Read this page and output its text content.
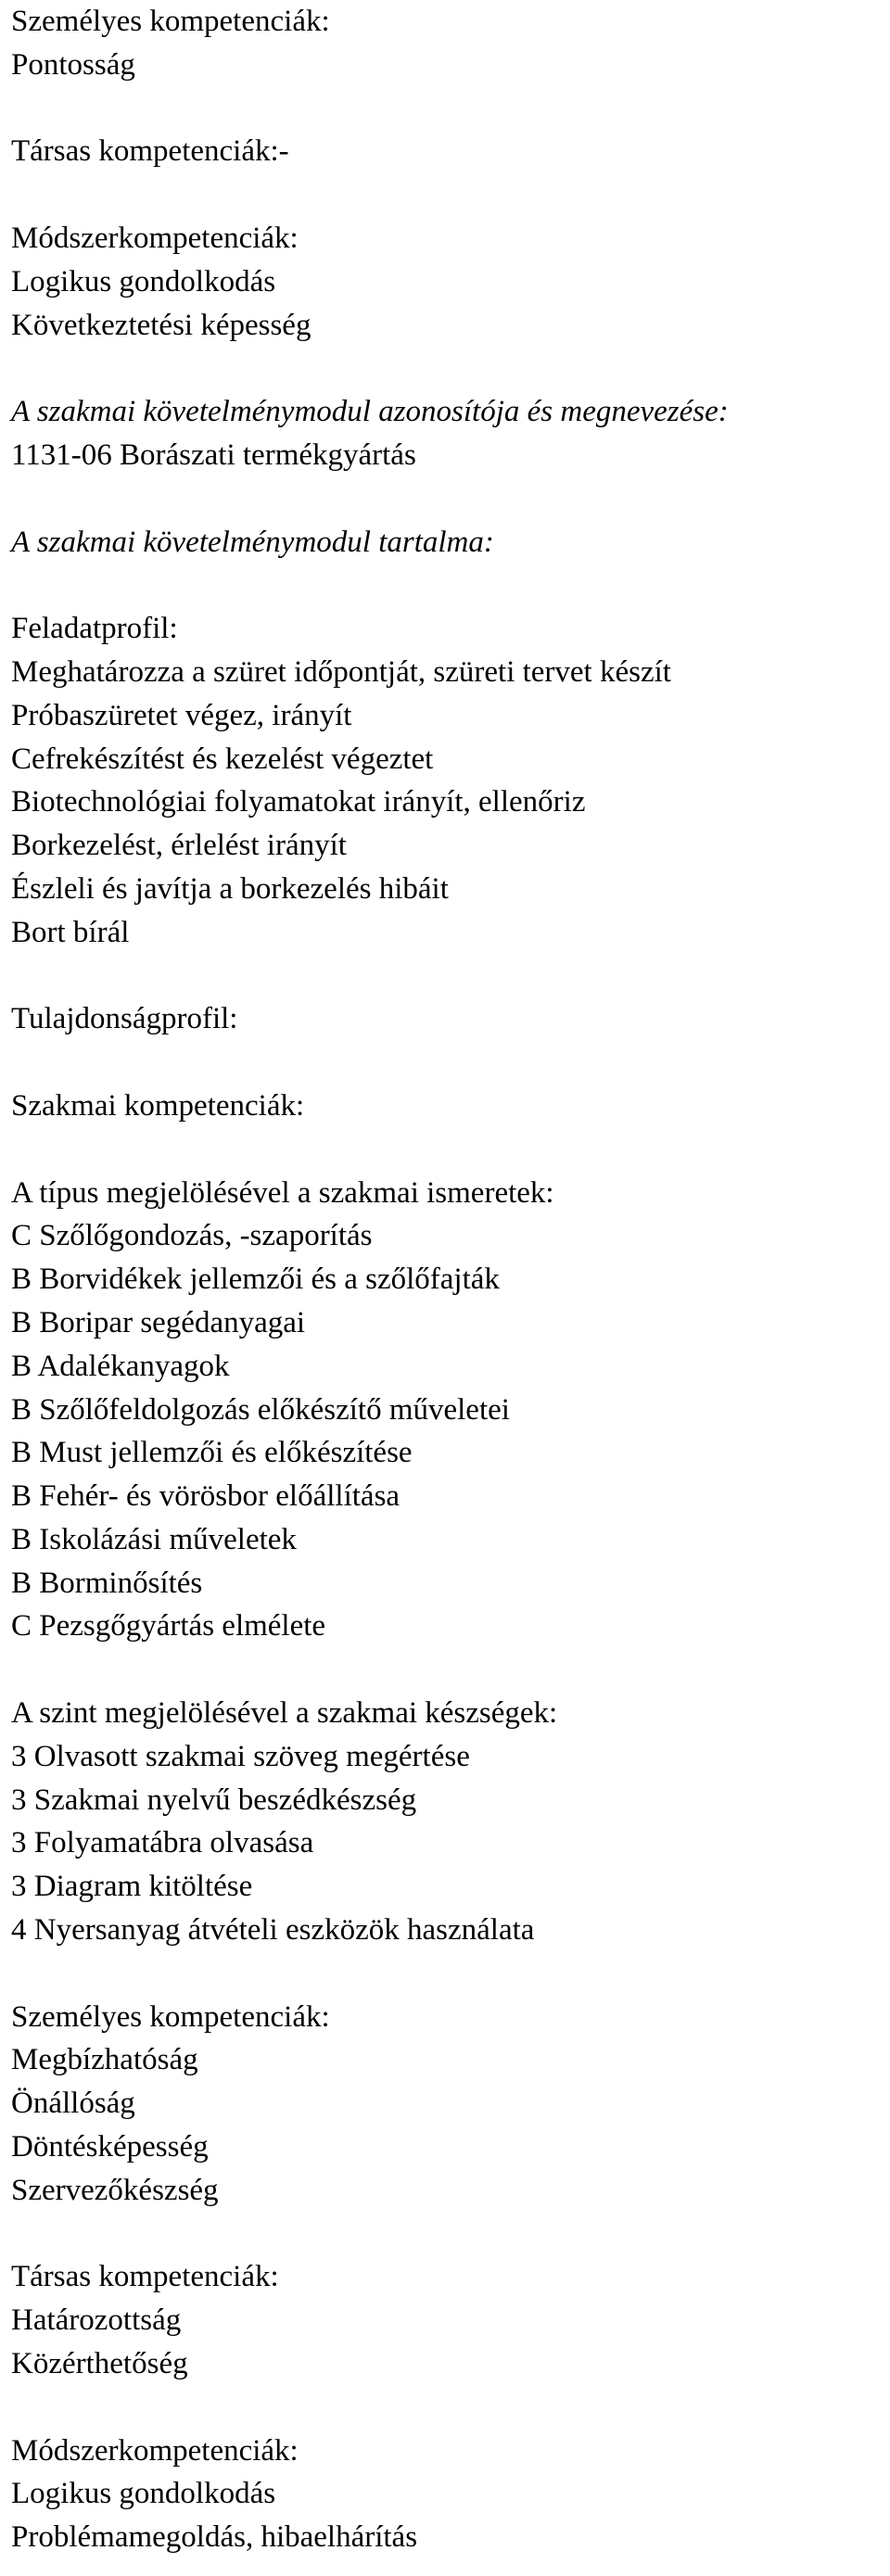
Személyes kompetenciák:
Pontosság
Társas kompetenciák:-
Módszerkompetenciák:
Logikus gondolkodás
Következtetési képesség
A szakmai követelménymodul azonosítója és megnevezése:
1131-06 Borászati termékgyártás
A szakmai követelménymodul tartalma:
Feladatprofil:
Meghatározza a szüret időpontját, szüreti tervet készít
Próbaszüretet végez, irányít
Cefrekészítést és kezelést végeztet
Biotechnológiai folyamatokat irányít, ellenőriz
Borkezelést, érlelést irányít
Észleli és javítja a borkezelés hibáit
Bort bírál
Tulajdonságprofil:
Szakmai kompetenciák:
A típus megjelölésével a szakmai ismeretek:
C Szőlőgondozás, -szaporítás
B Borvidékek jellemzői és a szőlőfajták
B Boripar segédanyagai
B Adalékanyagok
B Szőlőfeldolgozás előkészítő műveletei
B Must jellemzői és előkészítése
B Fehér- és vörösbor előállítása
B Iskolázási műveletek
B Borminősítés
C Pezsgőgyártás elmélete
A szint megjelölésével a szakmai készségek:
3 Olvasott szakmai szöveg megértése
3 Szakmai nyelvű beszédkészség
3 Folyamatábra olvasása
3 Diagram kitöltése
4 Nyersanyag átvételi eszközök használata
Személyes kompetenciák:
Megbízhatóság
Önállóság
Döntésképesség
Szervezőkészség
Társas kompetenciák:
Határozottság
Közérthetőség
Módszerkompetenciák:
Logikus gondolkodás
Problémamegoldás, hibaelhárítás
